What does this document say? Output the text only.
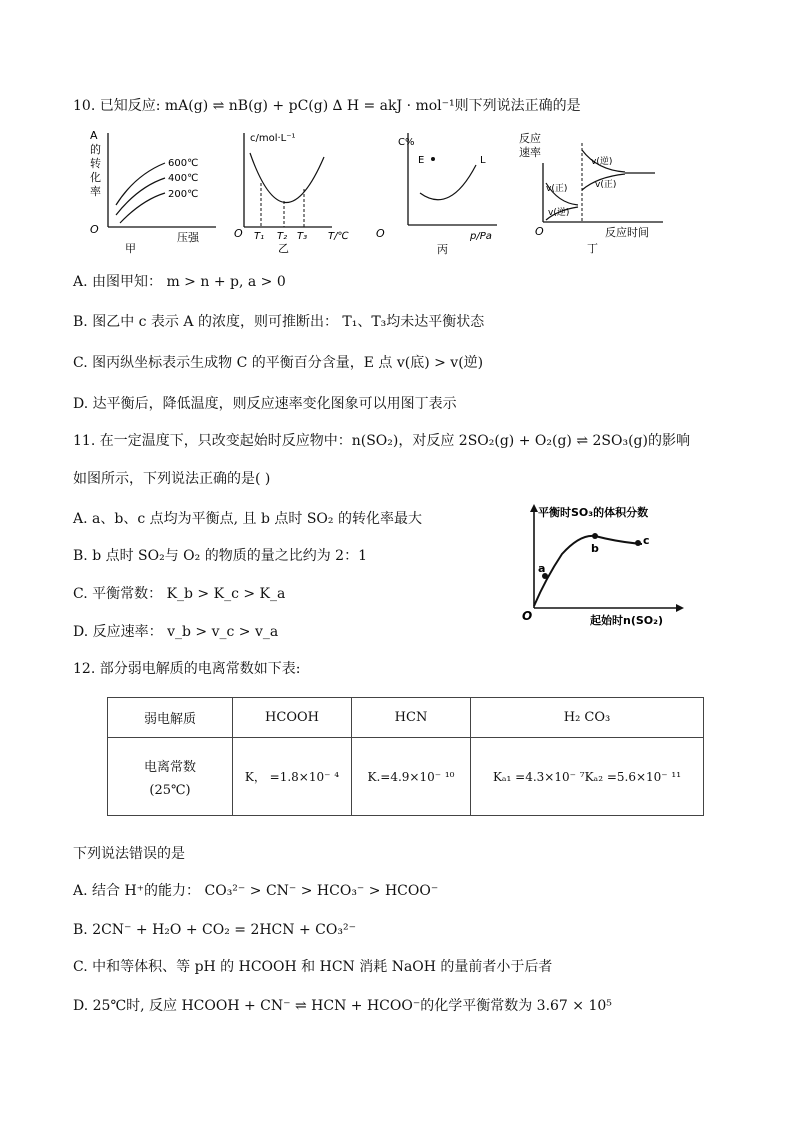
10. 已知反应: mA(g) ⇌ nB(g) + pC(g) ∆ H = akJ · mol⁻¹则下列说法正确的是
A
的
转
化
率
O
600℃
400℃
200℃
压强
甲
c/mol·L⁻¹
O T₁ T₂ T₃ T/℃
乙
C%
E	L
O	p/Pa
丙
反应
速率
v(正)
v(逆)
v(逆)
v(正)
O	反应时间
丁
A. 由图甲知： m > n + p, a > 0
B. 图乙中 c 表示 A 的浓度，则可推断出： T₁、T₃均未达平衡状态
C. 图丙纵坐标表示生成物 C 的平衡百分含量，E 点 v(底) > v(逆)
D. 达平衡后，降低温度，则反应速率变化图象可以用图丁表示
11. 在一定温度下，只改变起始时反应物中：n(SO₂)，对反应 2SO₂(g) + O₂(g) ⇌ 2SO₃(g)的影响
如图所示，下列说法正确的是( )
A. a、b、c 点均为平衡点, 且 b 点时 SO₂ 的转化率最大
B. b 点时 SO₂与 O₂ 的物质的量之比约为 2：1
C. 平衡常数： K_b > K_c > K_a
D. 反应速率： v_b > v_c > v_a
平衡时SO₃的体积分数
a
b
c
O	起始时n(SO₂)
12. 部分弱电解质的电离常数如下表:
弱电解质	HCOOH	HCN	H₂ CO₃

电离常数
(25℃)	K， =1.8×10⁻ ⁴	K.=4.9×10⁻ ¹⁰	Kₐ₁ =4.3×10⁻ ⁷Kₐ₂ =5.6×10⁻ ¹¹
下列说法错误的是
A. 结合 H⁺的能力： CO₃²⁻ > CN⁻ > HCO₃⁻ > HCOO⁻
B. 2CN⁻ + H₂O + CO₂ = 2HCN + CO₃²⁻
C. 中和等体积、等 pH 的 HCOOH 和 HCN 消耗 NaOH 的量前者小于后者
D. 25℃时, 反应 HCOOH + CN⁻ ⇌ HCN + HCOO⁻的化学平衡常数为 3.67 × 10⁵
